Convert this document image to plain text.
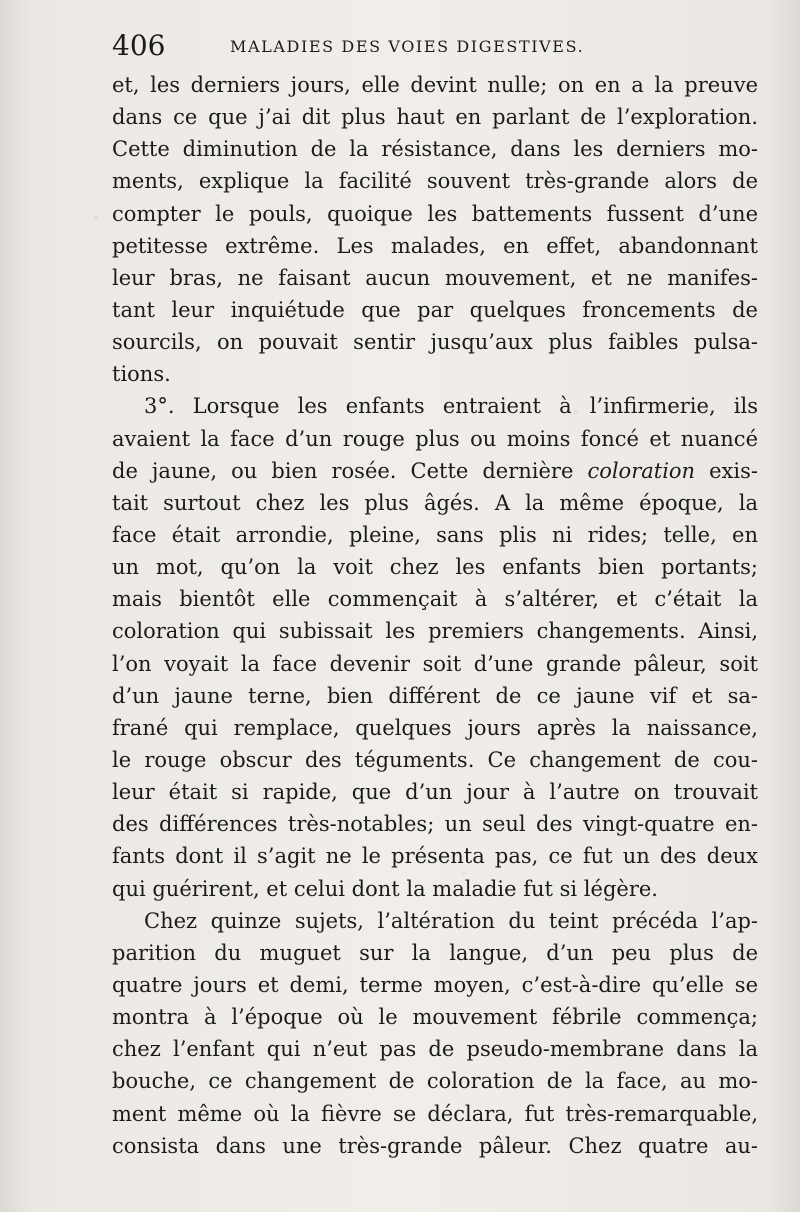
406	MALADIES DES VOIES DIGESTIVES.
et, les derniers jours, elle devint nulle; on en a la preuve
dans ce que j’ai dit plus haut en parlant de l’exploration.
Cette diminution de la résistance, dans les derniers mo-
ments, explique la facilité souvent très-grande alors de
compter le pouls, quoique les battements fussent d’une
petitesse extrême. Les malades, en effet, abandonnant
leur bras, ne faisant aucun mouvement, et ne manifes-
tant leur inquiétude que par quelques froncements de
sourcils, on pouvait sentir jusqu’aux plus faibles pulsa-
tions.
3°. Lorsque les enfants entraient à l’infirmerie, ils
avaient la face d’un rouge plus ou moins foncé et nuancé
de jaune, ou bien rosée. Cette dernière coloration exis-
tait surtout chez les plus âgés. A la même époque, la
face était arrondie, pleine, sans plis ni rides; telle, en
un mot, qu’on la voit chez les enfants bien portants;
mais bientôt elle commençait à s’altérer, et c’était la
coloration qui subissait les premiers changements. Ainsi,
l’on voyait la face devenir soit d’une grande pâleur, soit
d’un jaune terne, bien différent de ce jaune vif et sa-
frané qui remplace, quelques jours après la naissance,
le rouge obscur des téguments. Ce changement de cou-
leur était si rapide, que d’un jour à l’autre on trouvait
des différences très-notables; un seul des vingt-quatre en-
fants dont il s’agit ne le présenta pas, ce fut un des deux
qui guérirent, et celui dont la maladie fut si légère.
Chez quinze sujets, l’altération du teint précéda l’ap-
parition du muguet sur la langue, d’un peu plus de
quatre jours et demi, terme moyen, c’est-à-dire qu’elle se
montra à l’époque où le mouvement fébrile commença;
chez l’enfant qui n’eut pas de pseudo-membrane dans la
bouche, ce changement de coloration de la face, au mo-
ment même où la fièvre se déclara, fut très-remarquable,
consista dans une très-grande pâleur. Chez quatre au-
